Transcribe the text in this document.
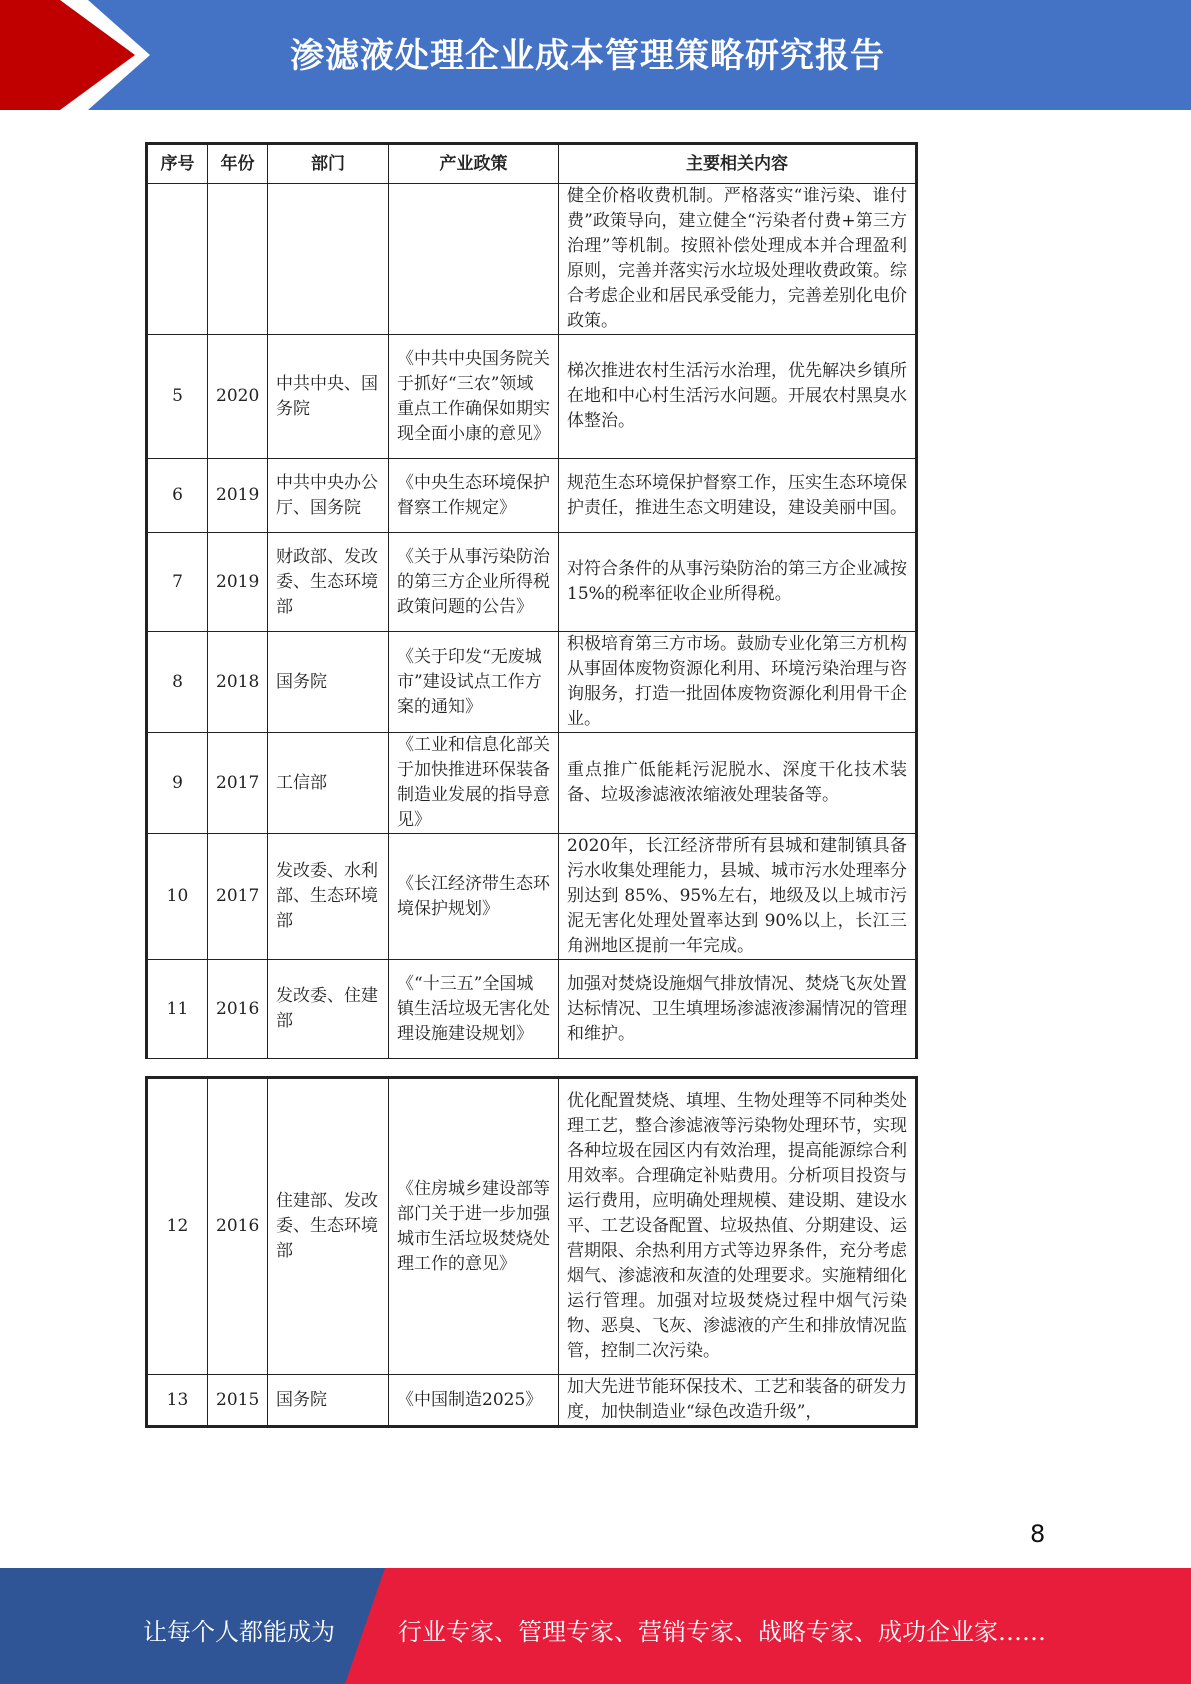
渗滤液处理企业成本管理策略研究报告
序号	年份	部门	产业政策	主要相关内容
				健全价格收费机制。严格落实“谁污染、谁付费”政策导向，建立健全“污染者付费+第三方治理”等机制。按照补偿处理成本并合理盈利原则，完善并落实污水垃圾处理收费政策。综合考虑企业和居民承受能力，完善差别化电价政策。
5	2020	中共中央、国务院	《中共中央国务院关于抓好“三农”领域重点工作确保如期实现全面小康的意见》	梯次推进农村生活污水治理，优先解决乡镇所在地和中心村生活污水问题。开展农村黑臭水体整治。
6	2019	中共中央办公厅、国务院	《中央生态环境保护督察工作规定》	规范生态环境保护督察工作，压实生态环境保护责任，推进生态文明建设，建设美丽中国。
7	2019	财政部、发改委、生态环境部	《关于从事污染防治的第三方企业所得税政策问题的公告》	对符合条件的从事污染防治的第三方企业减按 15%的税率征收企业所得税。
8	2018	国务院	《关于印发“无废城市”建设试点工作方案的通知》	积极培育第三方市场。鼓励专业化第三方机构从事固体废物资源化利用、环境污染治理与咨询服务，打造一批固体废物资源化利用骨干企业。
9	2017	工信部	《工业和信息化部关于加快推进环保装备制造业发展的指导意见》	重点推广低能耗污泥脱水、深度干化技术装备、垃圾渗滤液浓缩液处理装备等。
10	2017	发改委、水利部、生态环境部	《长江经济带生态环境保护规划》	2020年，长江经济带所有县城和建制镇具备污水收集处理能力，县城、城市污水处理率分别达到 85%、95%左右，地级及以上城市污泥无害化处理处置率达到 90%以上，长江三角洲地区提前一年完成。
11	2016	发改委、住建部	《“十三五”全国城镇生活垃圾无害化处理设施建设规划》	加强对焚烧设施烟气排放情况、焚烧飞灰处置达标情况、卫生填埋场渗滤液渗漏情况的管理和维护。
12	2016	住建部、发改委、生态环境部	《住房城乡建设部等部门关于进一步加强城市生活垃圾焚烧处理工作的意见》	优化配置焚烧、填埋、生物处理等不同种类处理工艺，整合渗滤液等污染物处理环节，实现各种垃圾在园区内有效治理，提高能源综合利用效率。合理确定补贴费用。分析项目投资与运行费用，应明确处理规模、建设期、建设水平、工艺设备配置、垃圾热值、分期建设、运营期限、余热利用方式等边界条件，充分考虑烟气、渗滤液和灰渣的处理要求。实施精细化运行管理。加强对垃圾焚烧过程中烟气污染物、恶臭、飞灰、渗滤液的产生和排放情况监管，控制二次污染。
13	2015	国务院	《中国制造2025》	加大先进节能环保技术、工艺和装备的研发力度，加快制造业“绿色改造升级”，
8
让每个人都能成为	行业专家、管理专家、营销专家、战略专家、成功企业家……
